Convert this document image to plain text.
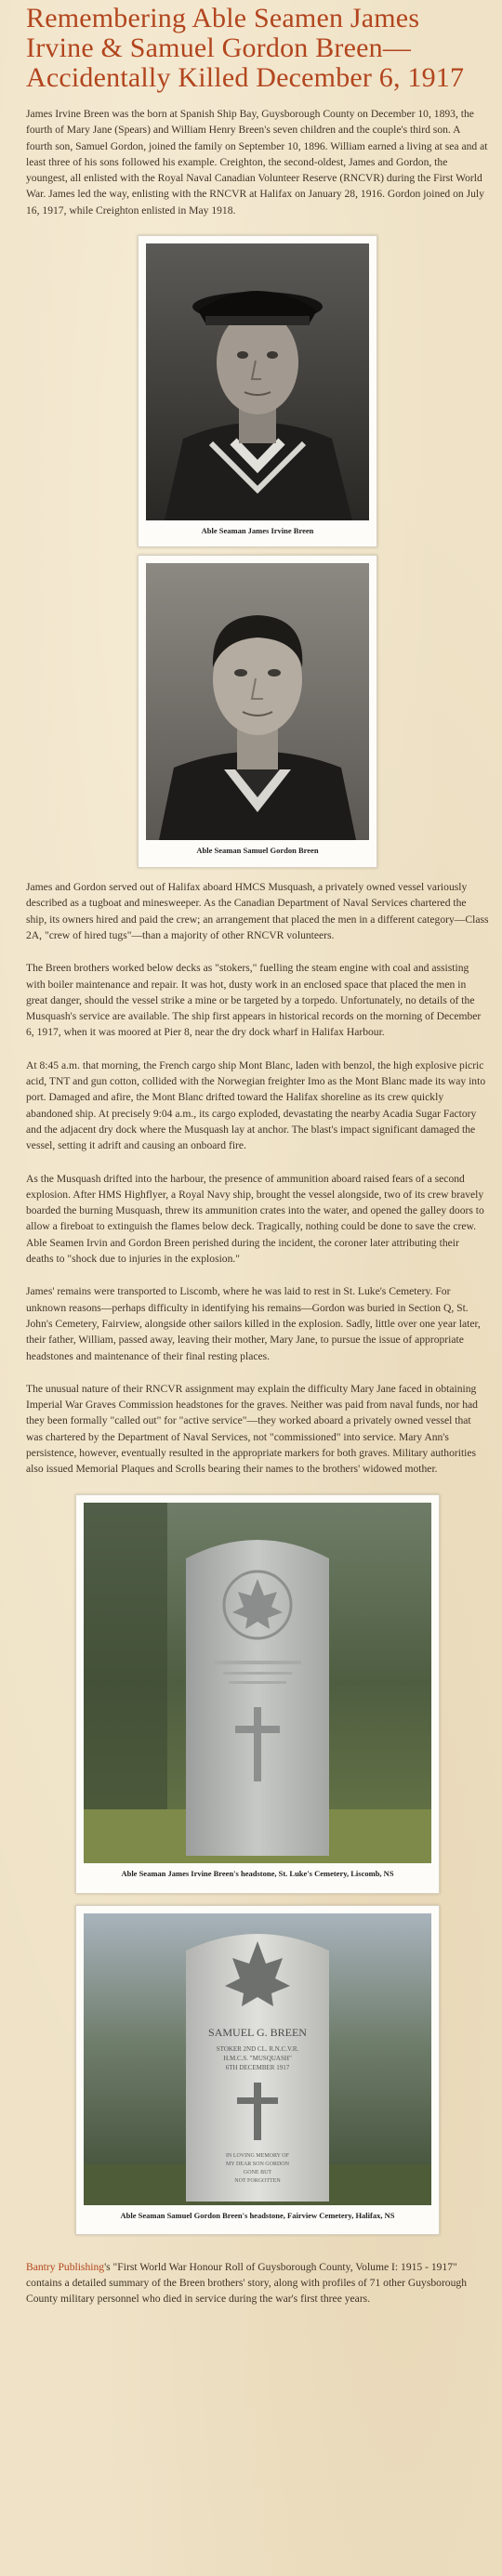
Remembering Able Seamen James Irvine & Samuel Gordon Breen— Accidentally Killed December 6, 1917

James Irvine Breen was the born at Spanish Ship Bay, Guysborough County on December 10, 1893, the fourth of Mary Jane (Spears) and William Henry Breen's seven children and the couple's third son. A fourth son, Samuel Gordon, joined the family on September 10, 1896. William earned a living at sea and at least three of his sons followed his example. Creighton, the second-oldest, James and Gordon, the youngest, all enlisted with the Royal Naval Canadian Volunteer Reserve (RNCVR) during the First World War. James led the way, enlisting with the RNCVR at Halifax on January 28, 1916. Gordon joined on July 16, 1917, while Creighton enlisted in May 1918.

Able Seaman James Irvine Breen
Able Seaman Samuel Gordon Breen

James and Gordon served out of Halifax aboard HMCS Musquash, a privately owned vessel variously described as a tugboat and minesweeper. As the Canadian Department of Naval Services chartered the ship, its owners hired and paid the crew; an arrangement that placed the men in a different category—Class 2A, "crew of hired tugs"—than a majority of other RNCVR volunteers.

The Breen brothers worked below decks as "stokers," fuelling the steam engine with coal and assisting with boiler maintenance and repair. It was hot, dusty work in an enclosed space that placed the men in great danger, should the vessel strike a mine or be targeted by a torpedo. Unfortunately, no details of the Musquash's service are available. The ship first appears in historical records on the morning of December 6, 1917, when it was moored at Pier 8, near the dry dock wharf in Halifax Harbour.

At 8:45 a.m. that morning, the French cargo ship Mont Blanc, laden with benzol, the high explosive picric acid, TNT and gun cotton, collided with the Norwegian freighter Imo as the Mont Blanc made its way into port. Damaged and afire, the Mont Blanc drifted toward the Halifax shoreline as its crew quickly abandoned ship. At precisely 9:04 a.m., its cargo exploded, devastating the nearby Acadia Sugar Factory and the adjacent dry dock where the Musquash lay at anchor. The blast's impact significant damaged the vessel, setting it adrift and causing an onboard fire.

As the Musquash drifted into the harbour, the presence of ammunition aboard raised fears of a second explosion. After HMS Highflyer, a Royal Navy ship, brought the vessel alongside, two of its crew bravely boarded the burning Musquash, threw its ammunition crates into the water, and opened the galley doors to allow a fireboat to extinguish the flames below deck. Tragically, nothing could be done to save the crew. Able Seamen Irvin and Gordon Breen perished during the incident, the coroner later attributing their deaths to "shock due to injuries in the explosion."

James' remains were transported to Liscomb, where he was laid to rest in St. Luke's Cemetery. For unknown reasons—perhaps difficulty in identifying his remains—Gordon was buried in Section Q, St. John's Cemetery, Fairview, alongside other sailors killed in the explosion. Sadly, little over one year later, their father, William, passed away, leaving their mother, Mary Jane, to pursue the issue of appropriate headstones and maintenance of their final resting places.

The unusual nature of their RNCVR assignment may explain the difficulty Mary Jane faced in obtaining Imperial War Graves Commission headstones for the graves. Neither was paid from naval funds, nor had they been formally "called out" for "active service"—they worked aboard a privately owned vessel that was chartered by the Department of Naval Services, not "commissioned" into service. Mary Ann's persistence, however, eventually resulted in the appropriate markers for both graves. Military authorities also issued Memorial Plaques and Scrolls bearing their names to the brothers' widowed mother.

Able Seaman James Irvine Breen's headstone, St. Luke's Cemetery, Liscomb, NS
SAMUEL G. BREEN
STOKER 2ND CL. R.N.C.V.R.
H.M.C.S. "MUSQUASH"
6TH DECEMBER 1917
IN LOVING MEMORY OF
MY DEAR SON GORDON
GONE BUT
NOT FORGOTTEN
Able Seaman Samuel Gordon Breen's headstone, Fairview Cemetery, Halifax, NS

Bantry Publishing's "First World War Honour Roll of Guysborough County, Volume I: 1915 - 1917" contains a detailed summary of the Breen brothers' story, along with profiles of 71 other Guysborough County military personnel who died in service during the war's first three years.
